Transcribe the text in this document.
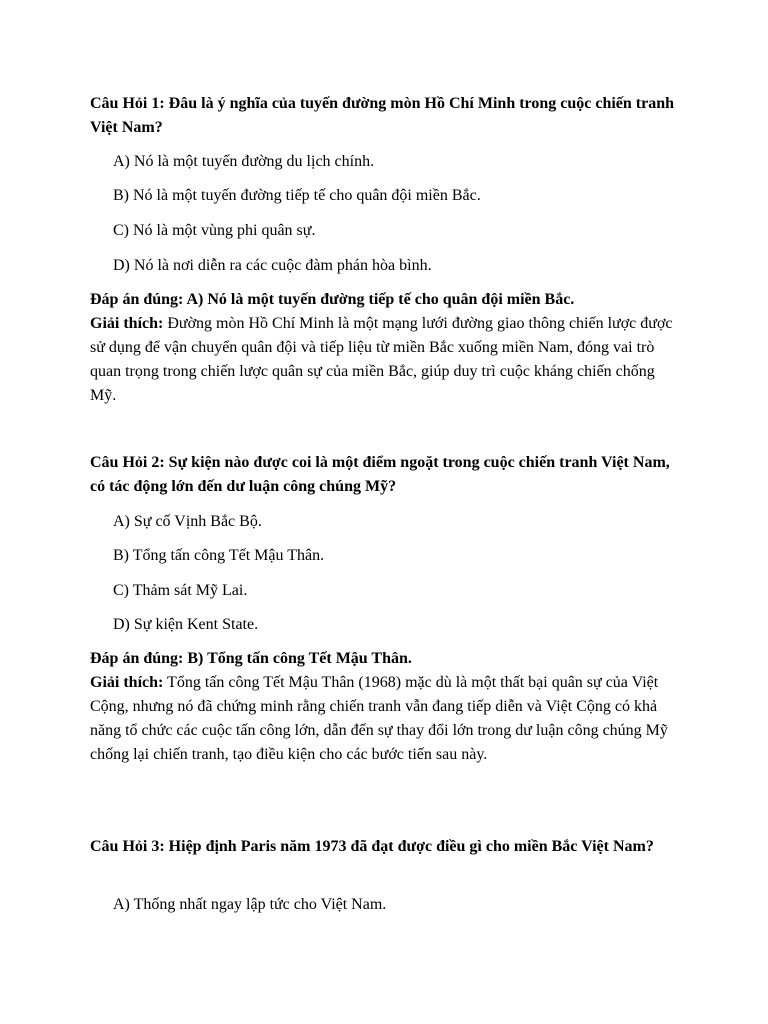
Câu Hỏi 1: Đâu là ý nghĩa của tuyến đường mòn Hồ Chí Minh trong cuộc chiến tranh Việt Nam?
A) Nó là một tuyến đường du lịch chính.
B) Nó là một tuyến đường tiếp tế cho quân đội miền Bắc.
C) Nó là một vùng phi quân sự.
D) Nó là nơi diễn ra các cuộc đàm phán hòa bình.
Đáp án đúng: A) Nó là một tuyến đường tiếp tế cho quân đội miền Bắc.
Giải thích: Đường mòn Hồ Chí Minh là một mạng lưới đường giao thông chiến lược được sử dụng để vận chuyển quân đội và tiếp liệu từ miền Bắc xuống miền Nam, đóng vai trò quan trọng trong chiến lược quân sự của miền Bắc, giúp duy trì cuộc kháng chiến chống Mỹ.
Câu Hỏi 2: Sự kiện nào được coi là một điểm ngoặt trong cuộc chiến tranh Việt Nam, có tác động lớn đến dư luận công chúng Mỹ?
A) Sự cố Vịnh Bắc Bộ.
B) Tổng tấn công Tết Mậu Thân.
C) Thảm sát Mỹ Lai.
D) Sự kiện Kent State.
Đáp án đúng: B) Tổng tấn công Tết Mậu Thân.
Giải thích: Tổng tấn công Tết Mậu Thân (1968) mặc dù là một thất bại quân sự của Việt Cộng, nhưng nó đã chứng minh rằng chiến tranh vẫn đang tiếp diễn và Việt Cộng có khả năng tổ chức các cuộc tấn công lớn, dẫn đến sự thay đổi lớn trong dư luận công chúng Mỹ chống lại chiến tranh, tạo điều kiện cho các bước tiến sau này.
Câu Hỏi 3: Hiệp định Paris năm 1973 đã đạt được điều gì cho miền Bắc Việt Nam?
A) Thống nhất ngay lập tức cho Việt Nam.
